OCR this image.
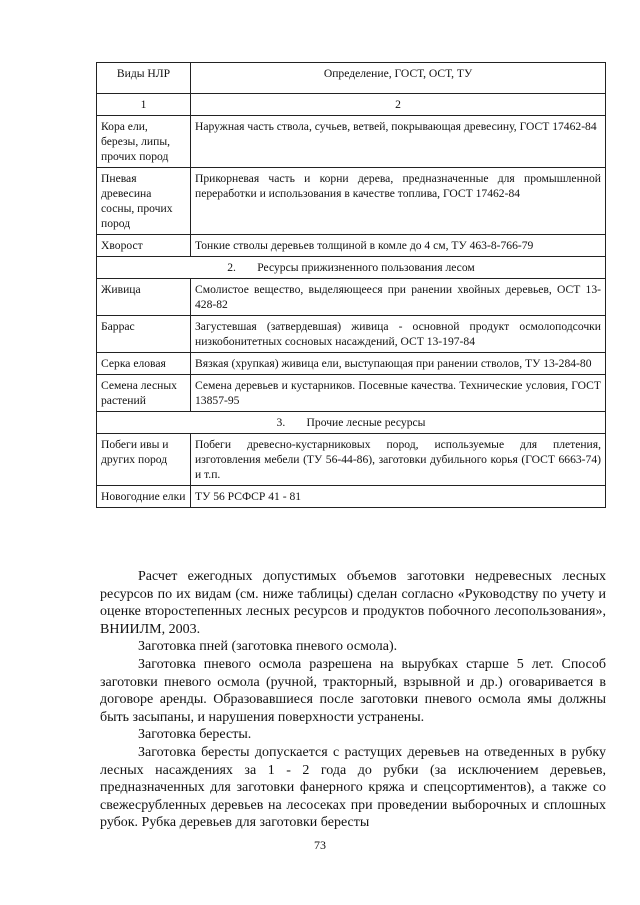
Виды НЛР	Определение, ГОСТ, ОСТ, ТУ
1	2
Кора ели, березы, липы, прочих пород	Наружная часть ствола, сучьев, ветвей, покрывающая древесину, ГОСТ 17462-84
Пневая древесина сосны, прочих пород	Прикорневая часть и корни дерева, предназначенные для промышленной переработки и использования в качестве топлива, ГОСТ 17462-84
Хворост	Тонкие стволы деревьев толщиной в комле до 4 см, ТУ 463-8-766-79
2. Ресурсы прижизненного пользования лесом	
Живица	Смолистое вещество, выделяющееся при ранении хвойных деревьев, ОСТ 13-428-82
Баррас	Загустевшая (затвердевшая) живица - основной продукт осмолоподсочки низкобонитетных сосновых насаждений, ОСТ 13-197-84
Серка еловая	Вязкая (хрупкая) живица ели, выступающая при ранении стволов, ТУ 13-284-80
Семена лесных растений	Семена деревьев и кустарников. Посевные качества. Технические условия, ГОСТ 13857-95
3. Прочие лесные ресурсы	
Побеги ивы и других пород	Побеги древесно-кустарниковых пород, используемые для плетения, изготовления мебели (ТУ 56-44-86), заготовки дубильного корья (ГОСТ 6663-74) и т.п.
Новогодние елки	ТУ 56 РСФСР 41 - 81

Расчет ежегодных допустимых объемов заготовки недревесных лесных ресурсов по их видам (см. ниже таблицы) сделан согласно «Руководству по учету и оценке второстепенных лесных ресурсов и продуктов побочного лесопользования», ВНИИЛМ, 2003.

Заготовка пней (заготовка пневого осмола).

Заготовка пневого осмола разрешена на вырубках старше 5 лет. Способ заготовки пневого осмола (ручной, тракторный, взрывной и др.) оговаривается в договоре аренды. Образовавшиеся после заготовки пневого осмола ямы должны быть засыпаны, и нарушения поверхности устранены.

Заготовка бересты.

Заготовка бересты допускается с растущих деревьев на отведенных в рубку лесных насаждениях за 1 - 2 года до рубки (за исключением деревьев, предназначенных для заготовки фанерного кряжа и спецсортиментов), а также со свежесрубленных деревьев на лесосеках при проведении выборочных и сплошных рубок. Рубка деревьев для заготовки бересты

73
